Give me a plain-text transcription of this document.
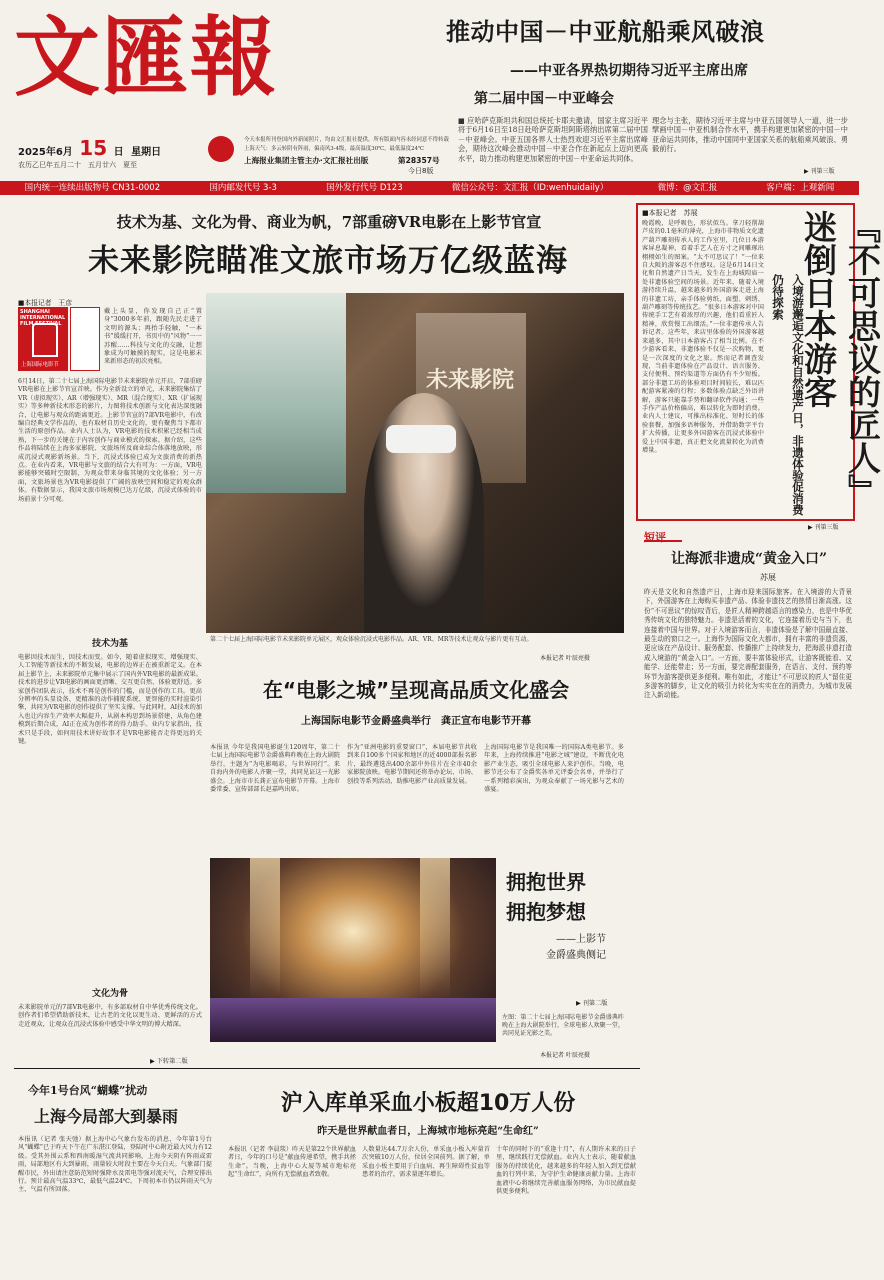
文匯報
2025年6月 15 日 星期日
农历乙巳年五月二十　五月廿六　夏至	上海报业集团主管主办·文汇报社出版	第28357号
今日8版
今天本报所刊登国内外新闻照片，均由文汇报社提供，所有版面内容未经同意不得转载
上海天气：多云转阴有阵雨，偏南风3-4级，最高温度30℃，最低温度24℃
推动中国－中亚航船乘风破浪
——中亚各界热切期待习近平主席出席
第二届中国－中亚峰会
■ 应哈萨克斯坦共和国总统托卡耶夫邀请，国家主席习近平将于6月16日至18日赴哈萨克斯坦阿斯塔纳出席第二届中国－中亚峰会。中亚五国各界人士热烈欢迎习近平主席出席峰会，期待这次峰会推动中国－中亚合作在新起点上迈向更高水平，助力推动构建更加紧密的中国－中亚命运共同体。
理念与主张，期待习近平主席与中亚五国领导人一道，进一步擘画中国－中亚机制合作水平，携手构建更加紧密的中国－中亚命运共同体，推动中国同中亚国家关系的航船乘风破浪、勇毅前行。
▶ 刊第三版
国内统一连续出版物号 CN31-0002	国内邮发代号 3-3	国外发行代号 D123	微信公众号：文汇报（ID:wenhuidaily）	微博：@文汇报	客户端：上观新闻
技术为基、文化为骨、商业为帆，7部重磅VR电影在上影节官宣
未来影院瞄准文旅市场万亿级蓝海
■本报记者　王彦
SHANGHAI INTERNATIONAL FILM FESTIVAL
上海国际电影节
戴上头显，你发现自己正“置身”3000多年前，跟随先民走进了文明的源头；再抬手轻触，“一本书”缓缓打开，书页中的“风物”一一苏醒……科技与文化的交融，让想象成为可触摸的现实，这是电影未来新形态的初次亮相。
6月14日，第二十七届上海国际电影节未来影院单元开启，7部重磅VR电影在上影节官宣首映。作为全新设立的单元，未来影院集结了VR（虚拟现实）、AR（增强现实）、MR（混合现实）、XR（扩展现实）等多种新技术形态的影片，力图将技术创新与文化表达深度融合，让电影与观众的距离更近。上影节官宣的7部VR电影中，有改编自经典文学作品的，也有取材自历史文化的，更有聚焦当下都市生活的原创作品。业内人士认为，VR电影的技术积累已经相当成熟，下一步的关键在于内容创作与商业模式的探索。据介绍，这些作品将陆续在上海多家影院、文旅场所及商业综合体落地放映，形成沉浸式观影新场景。当下，沉浸式体验已成为文旅消费的新热点。在业内看来，VR电影与文旅的结合大有可为：一方面，VR电影能够突破时空限制，为观众带来身临其境的文化体验；另一方面，文旅场景也为VR电影提供了广阔的放映空间和稳定的观众群体。有数据显示，我国文旅市场规模已达万亿级，沉浸式体验的市场前景十分可观。
技术为基
电影因技术而生，因技术而变。如今，随着虚拟现实、增强现实、人工智能等新技术的不断发展，电影的边界正在被重新定义。在本届上影节上，未来影院单元集中展示了国内外VR电影的最新成果。技术的进步让VR电影的画面更清晰、交互更自然、体验更舒适。多家创作团队表示，技术不再是创作的门槛，而是创作的工具。更高分辨率的头显设备、更精准的动作捕捉系统、更智能的实时渲染引擎，共同为VR电影的创作提供了坚实支撑。与此同时，AI技术的加入也让内容生产效率大幅提升，从剧本构思到场景搭建，从角色建模到后期合成，AI正在成为创作者的得力助手。业内专家指出，技术只是手段，如何用技术讲好故事才是VR电影能否走得更远的关键。
文化为骨
未来影院单元的7部VR电影中，有多部取材自中华优秀传统文化。创作者们希望借助新技术，让古老的文化以更生动、更鲜活的方式走近观众，让观众在沉浸式体验中感受中华文明的博大精深。
▶ 下转第二版
未来影院
第二十七届上海国际电影节未来影院单元展区，观众体验沉浸式电影作品。AR、VR、MR等技术让观众与影片更有互动。
本报记者 叶辰亮摄
在“电影之城”呈现高品质文化盛会
上海国际电影节金爵盛典举行　龚正宣布电影节开幕
本报讯 今年是我国电影诞生120周年，第二十七届上海国际电影节金爵盛典昨晚在上海大剧院举行，主题为“为电影喝彩，与世界同行”。来自海内外的电影人齐聚一堂，共同见证这一光影盛会。上海市市长龚正宣布电影节开幕。上海市委常委、宣传部部长赵嘉鸣出席。
作为“亚洲电影的重要窗口”，本届电影节共收到来自100多个国家和地区的近4000部报名影片，最终遴选出400余部中外佳片在全市40余家影院放映。电影节期间还将举办论坛、市场、创投等系列活动，助推电影产业高质量发展。
上海国际电影节是我国唯一的国际A类电影节。多年来，上海持续推进“电影之城”建设，不断优化电影产业生态，吸引全球电影人来沪创作。当晚，电影节还公布了金爵奖各单元评委会名单，并举行了一系列精彩演出，为观众奉献了一场光影与艺术的盛宴。
拥抱世界
拥抱梦想
——上影节
金爵盛典侧记
▶ 刊第二版
左图：第二十七届上海国际电影节金爵盛典昨晚在上海大剧院举行，全球电影人欢聚一堂，共同见证光影之美。
本报记者 叶辰亮摄
■本报记者　苏展
晚霞晚，是呼吸色，形状似鸟。拿刀轻削葫芦皮的0.1毫米的薄壳，上海市非物质文化遗产葫芦雕刻传承人的工作室里，几位日本游客屏息凝神，看着手艺人在方寸之间雕琢出栩栩如生的图案。“太不可思议了！”一位来自大阪的游客忍不住感叹。这是6月14日文化和自然遗产日当天，发生在上海城隍庙一处非遗体验空间的场景。近年来，随着入境游持续升温，越来越多的外国游客走进上海的非遗工坊，亲手体验剪纸、面塑、刺绣、葫芦雕刻等传统技艺。“很多日本游客对中国传统手工艺有着浓厚的兴趣，他们看重匠人精神，欣赏慢工出细活。”一位非遗传承人告诉记者。这些年，来店里体验的外国游客越来越多，其中日本游客占了相当比例。在不少游客看来，非遗体验不仅是一次购物，更是一次深度的文化之旅。然而记者调查发现，当前非遗体验在产品设计、语言服务、支付便利、预约渠道等方面仍有不少短板。部分非遗工坊的体验项目时间较长，难以匹配游客紧凑的行程；多数体验点缺乏外语讲解，游客只能靠手势和翻译软件沟通；一些手作产品价格偏高，难以转化为即时消费。业内人士建议，可推出标准化、短时长的体验套餐，加强多语种服务，并借助数字平台扩大传播，让更多外国游客在沉浸式体验中爱上中国非遗，真正把文化流量转化为消费增量。	『不可思议的匠人』迷倒日本游客
入境游邂逅文化和自然遗产日，非遗体验促消费仍待探索
▶ 刊第三版
短评
让海派非遗成“黄金入口”
苏展
昨天是文化和自然遗产日，上海市迎来国际旅客。在入境游的大背景下，外国游客在上海购买非遗产品、体验非遗技艺的热情日渐高涨。这份“不可思议”的惊叹背后，是匠人精神跨越语言的感染力，也是中华优秀传统文化的独特魅力。非遗是活着的文化，它连接着历史与当下，也连接着中国与世界。对于入境游客而言，非遗体验是了解中国最直接、最生动的窗口之一。上海作为国际文化大都市，拥有丰富的非遗资源，更应该在产品设计、服务配套、传播推广上持续发力，把海派非遗打造成入境游的“黄金入口”。一方面，要丰富体验形式，让游客既能看、又能学、还能带走；另一方面，要完善配套服务，在语言、支付、预约等环节为游客提供更多便利。唯有如此，才能让“不可思议的匠人”留住更多游客的脚步，让文化的吸引力转化为实实在在的消费力，为城市发展注入新动能。
今年1号台风“蝴蝶”扰动
上海今局部大到暴雨
本报讯（记者 张天弛）据上海中心气象台发布的消息，今年第1号台风“蝴蝶”已于昨天下午在广东湛江登陆，登陆时中心附近最大风力有12级。受其外围云系和西南暖湿气流共同影响，上海今天阴有阵雨或雷雨，局部地区有大到暴雨，雨量较大时段主要在今天白天。气象部门提醒市民，外出请注意防范短时强降水及雷电等强对流天气，合理安排出行。预计最高气温33℃，最低气温24℃。下周初本市仍以阵雨天气为主，气温有所回落。
沪入库单采血小板超10万人份
昨天是世界献血者日，上海城市地标亮起“生命红”
本报讯（记者 李晨琰）昨天是第22个世界献血者日，今年的口号是“献血传递希望，携手共拯生命”。当晚，上海中心大厦等城市地标亮起“生命红”，向所有无偿献血者致敬。
人数量达44.7万余人份，单采血小板入库量首次突破10万人份，位居全国前列。据了解，单采血小板主要用于白血病、再生障碍性贫血等患者的治疗，需求量逐年增长。
十年的同时下的“重逢十月”，有人期许未来的日子里，继续践行无偿献血。业内人士表示，随着献血服务的持续优化，越来越多的年轻人加入到无偿献血的行列中来，为守护生命健康贡献力量。上海市血液中心将继续完善献血服务网络，为市民献血提供更多便利。
